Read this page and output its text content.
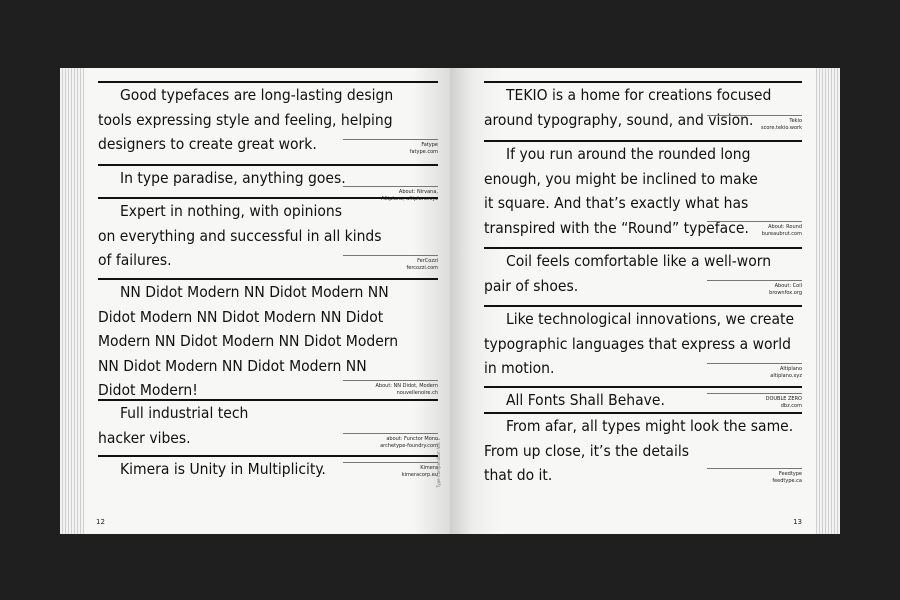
12
Type Compendium Vol. 1
Good typefaces are long-lasting design
tools expressing style and feeling, helping
designers to create great work.	Fatype
fatype.com
In type paradise, anything goes.
About: Nirvana,
Altiplano, altiplano.xyz
Expert in nothing, with opinions
on everything and successful in all kinds
of failures.	FerCozzi
fercozzi.com
NN Didot Modern NN Didot Modern NN
Didot Modern NN Didot Modern NN Didot
Modern NN Didot Modern NN Didot Modern
NN Didot Modern NN Didot Modern NN
Didot Modern!	About: NN Didot, Modern
nouvellenoire.ch
Full industrial tech
hacker vibes.	about: Functor Mono
archetype-foundry.com
Kimera is Unity in Multiplicity.	Kimera
kimeracorp.eu
13
TEKIO is a home for creations focused
around typography, sound, and vision.	Tekio
score.tekio.work
If you run around the rounded long
enough, you might be inclined to make
it square. And that’s exactly what has
transpired with the “Round” typeface.	About: Round
bureaubrut.com
Coil feels comfortable like a well-worn
pair of shoes.	About: Coil
brownfox.org
Like technological innovations, we create
typographic languages that express a world
in motion.	Altiplano
altiplano.xyz
All Fonts Shall Behave.	DOUBLE ZERO
dbz.com
From afar, all types might look the same.
From up close, it’s the details
that do it.	Feedtype
feedtype.ca
